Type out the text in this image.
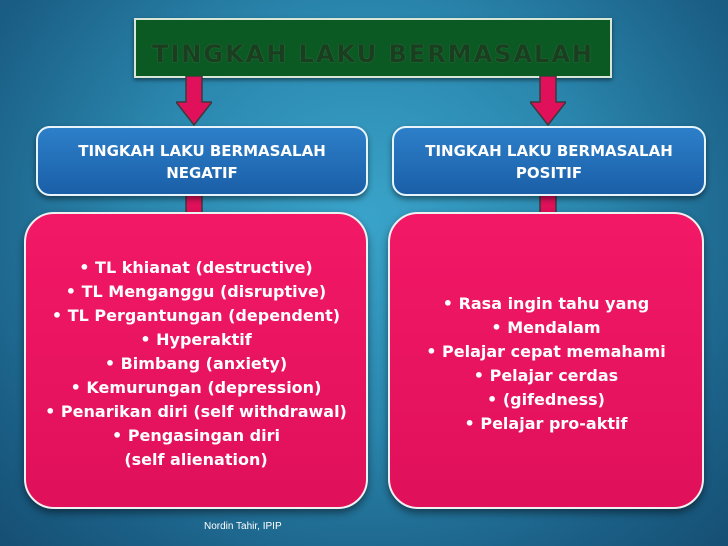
TINGKAH LAKU BERMASALAH
TINGKAH LAKU BERMASALAH
NEGATIF
TINGKAH LAKU BERMASALAH
POSITIF
• TL khianat (destructive)
• TL Menganggu (disruptive)
• TL Pergantungan (dependent)
• Hyperaktif
• Bimbang (anxiety)
• Kemurungan (depression)
• Penarikan diri (self withdrawal)
• Pengasingan diri
(self alienation)
• Rasa ingin tahu yang
• Mendalam
• Pelajar cepat memahami
• Pelajar cerdas
• (gifedness)
• Pelajar pro-aktif
Nordin Tahir, IPIP
